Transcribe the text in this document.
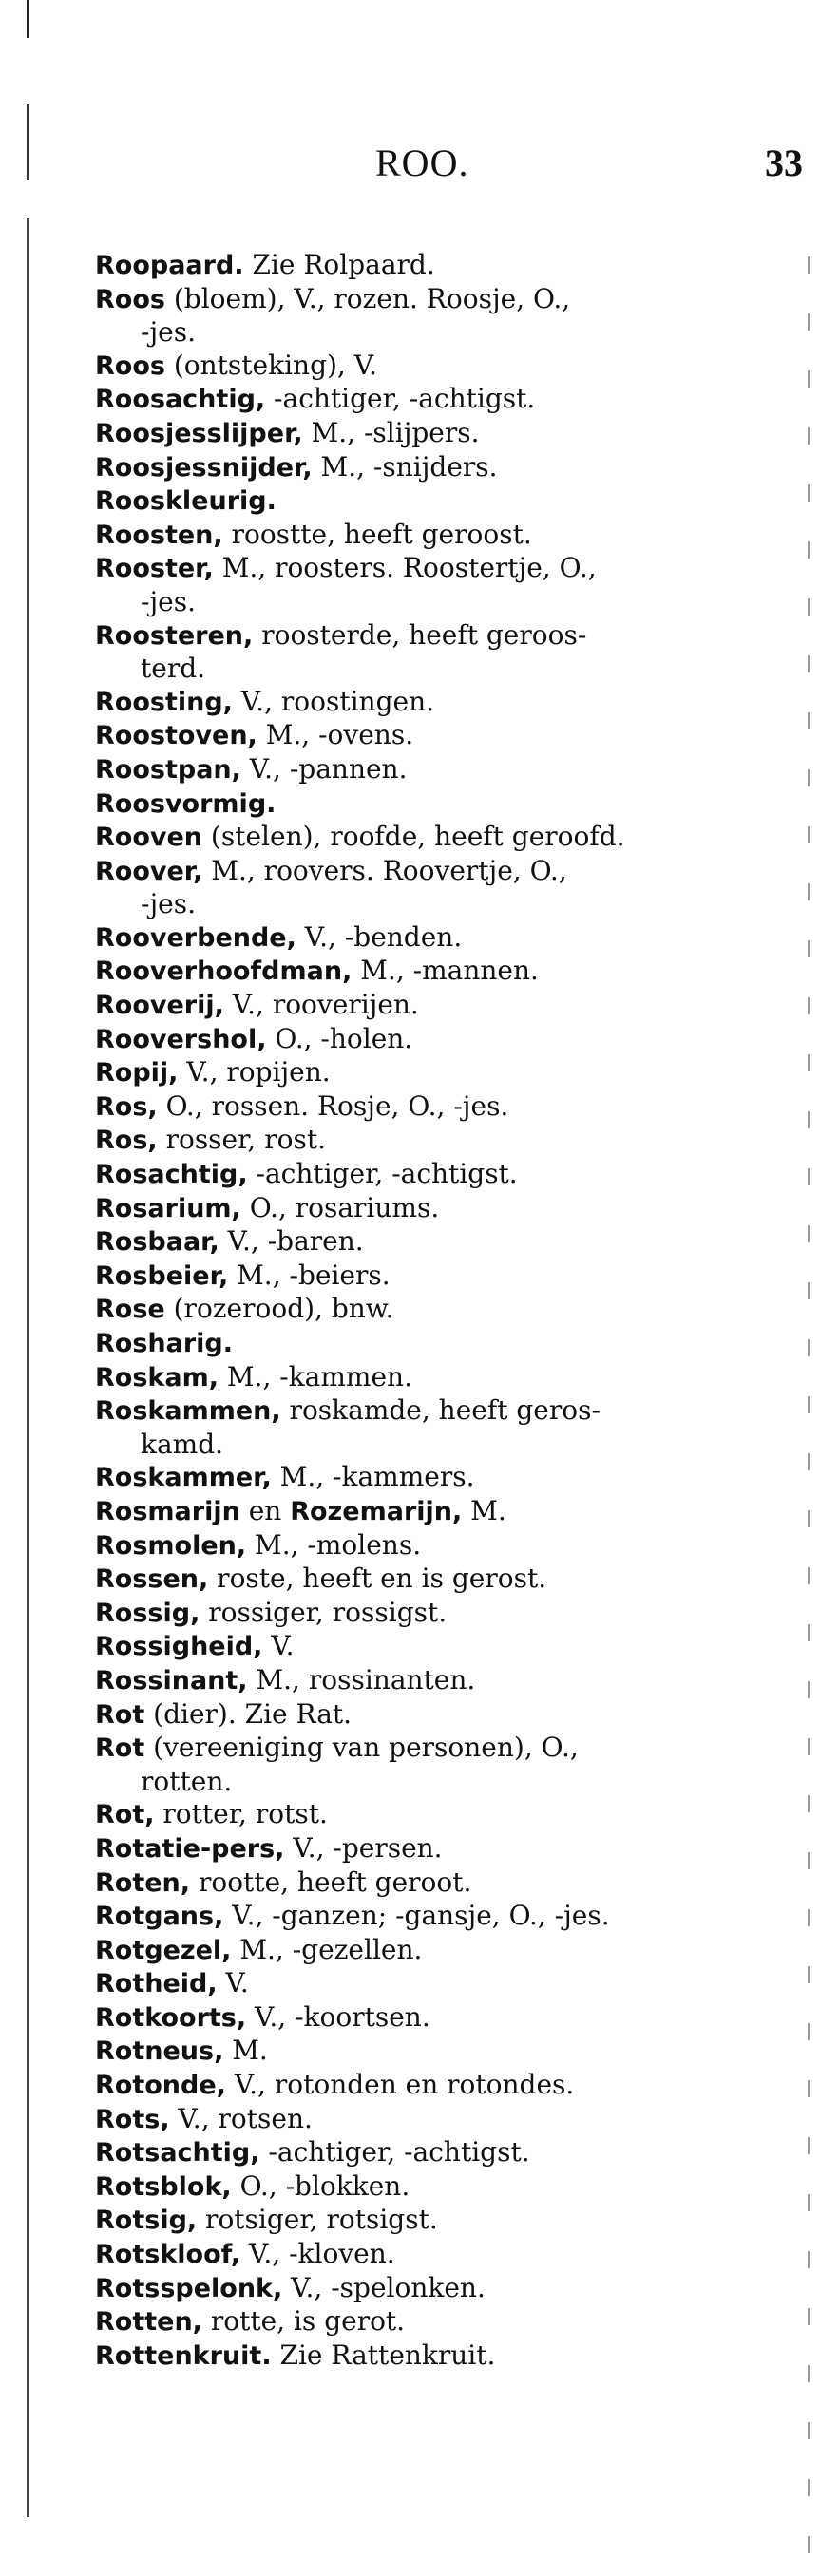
ROO.	33
Roopaard. Zie Rolpaard.
Roos (bloem), V., rozen. Roosje, O.,
-jes.
Roos (ontsteking), V.
Roosachtig, -achtiger, -achtigst.
Roosjesslijper, M., -slijpers.
Roosjessnijder, M., -snijders.
Rooskleurig.
Roosten, roostte, heeft geroost.
Rooster, M., roosters. Roostertje, O.,
-jes.
Roosteren, roosterde, heeft geroos-
terd.
Roosting, V., roostingen.
Roostoven, M., -ovens.
Roostpan, V., -pannen.
Roosvormig.
Rooven (stelen), roofde, heeft geroofd.
Roover, M., roovers. Roovertje, O.,
-jes.
Rooverbende, V., -benden.
Rooverhoofdman, M., -mannen.
Rooverij, V., rooverijen.
Roovershol, O., -holen.
Ropij, V., ropijen.
Ros, O., rossen. Rosje, O., -jes.
Ros, rosser, rost.
Rosachtig, -achtiger, -achtigst.
Rosarium, O., rosariums.
Rosbaar, V., -baren.
Rosbeier, M., -beiers.
Rose (rozerood), bnw.
Rosharig.
Roskam, M., -kammen.
Roskammen, roskamde, heeft geros-
kamd.
Roskammer, M., -kammers.
Rosmarijn en Rozemarijn, M.
Rosmolen, M., -molens.
Rossen, roste, heeft en is gerost.
Rossig, rossiger, rossigst.
Rossigheid, V.
Rossinant, M., rossinanten.
Rot (dier). Zie Rat.
Rot (vereeniging van personen), O.,
rotten.
Rot, rotter, rotst.
Rotatie-pers, V., -persen.
Roten, rootte, heeft geroot.
Rotgans, V., -ganzen; -gansje, O., -jes.
Rotgezel, M., -gezellen.
Rotheid, V.
Rotkoorts, V., -koortsen.
Rotneus, M.
Rotonde, V., rotonden en rotondes.
Rots, V., rotsen.
Rotsachtig, -achtiger, -achtigst.
Rotsblok, O., -blokken.
Rotsig, rotsiger, rotsigst.
Rotskloof, V., -kloven.
Rotsspelonk, V., -spelonken.
Rotten, rotte, is gerot.
Rottenkruit. Zie Rattenkruit.
